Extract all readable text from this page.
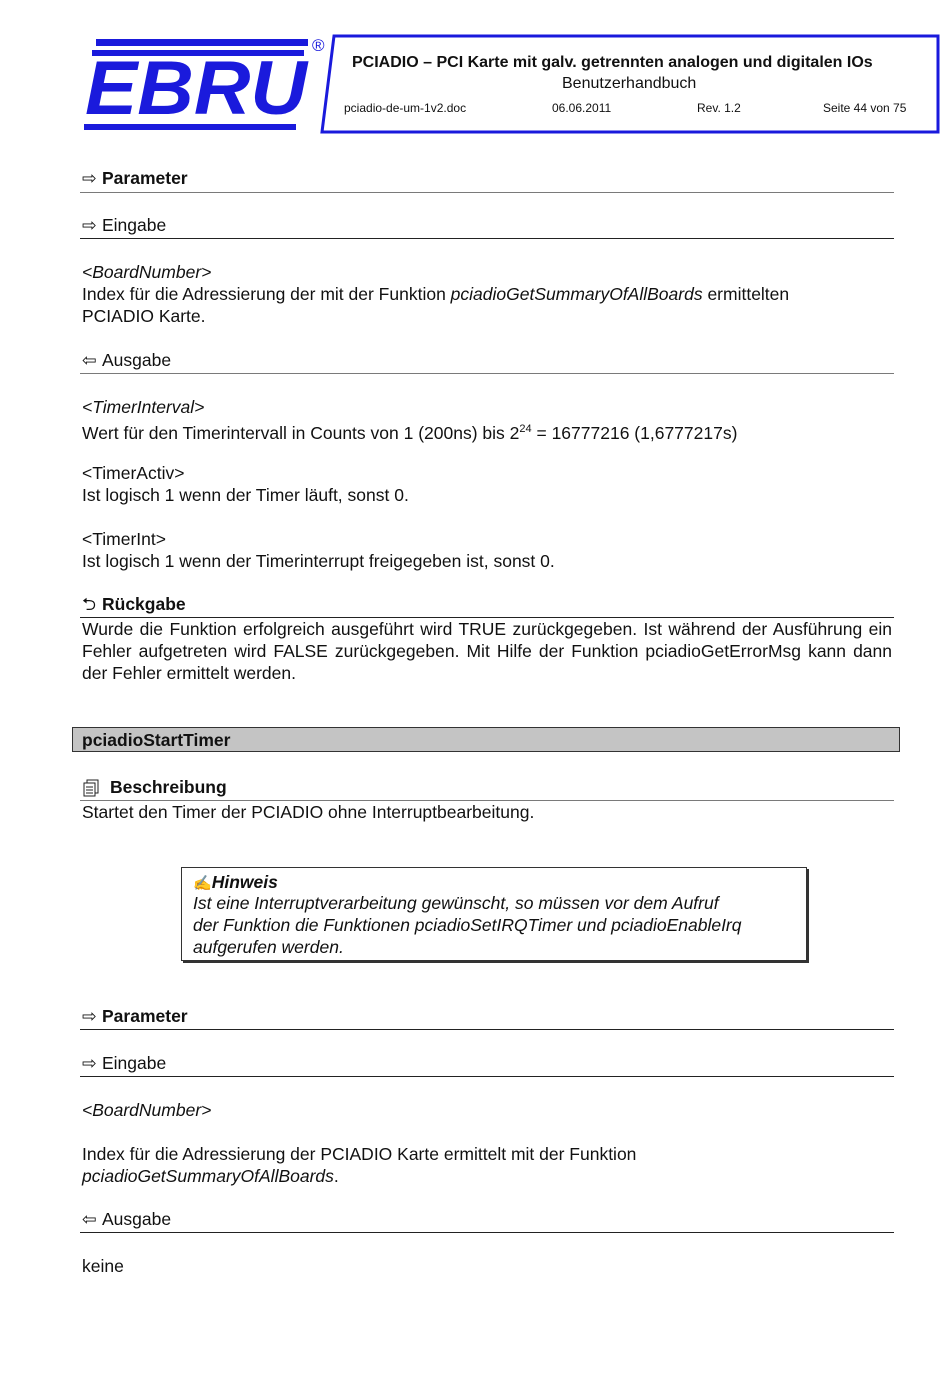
EBRU
®
PCIADIO – PCI Karte mit galv. getrennten analogen und digitalen IOs
Benutzerhandbuch
pciadio-de-um-1v2.doc	06.06.2011	Rev. 1.2	Seite 44 von 75
⇨ Parameter
⇨ Eingabe
<BoardNumber>
Index für die Adressierung der mit der Funktion pciadioGetSummaryOfAllBoards ermittelten
PCIADIO Karte.
⇦ Ausgabe
<TimerInterval>
Wert für den Timerintervall in Counts von 1 (200ns) bis $2^{24} = 16777216$ (1,6777217s)
<TimerActiv>
Ist logisch 1 wenn der Timer läuft, sonst 0.
<TimerInt>
Ist logisch 1 wenn der Timerinterrupt freigegeben ist, sonst 0.
⮌ Rückgabe
Wurde die Funktion erfolgreich ausgeführt wird TRUE zurückgegeben. Ist während der Ausführung ein Fehler aufgetreten wird FALSE zurückgegeben. Mit Hilfe der Funktion pciadioGetErrorMsg kann dann der Fehler ermittelt werden.
pciadioStartTimer
Beschreibung
Startet den Timer der PCIADIO ohne Interruptbearbeitung.
✍Hinweis
Ist eine Interruptverarbeitung gewünscht, so müssen vor dem Aufruf
der Funktion die Funktionen pciadioSetIRQTimer und pciadioEnableIrq
aufgerufen werden.
⇨ Parameter
⇨ Eingabe
<BoardNumber>
Index für die Adressierung der PCIADIO Karte ermittelt mit der Funktion
pciadioGetSummaryOfAllBoards.
⇦ Ausgabe
keine
